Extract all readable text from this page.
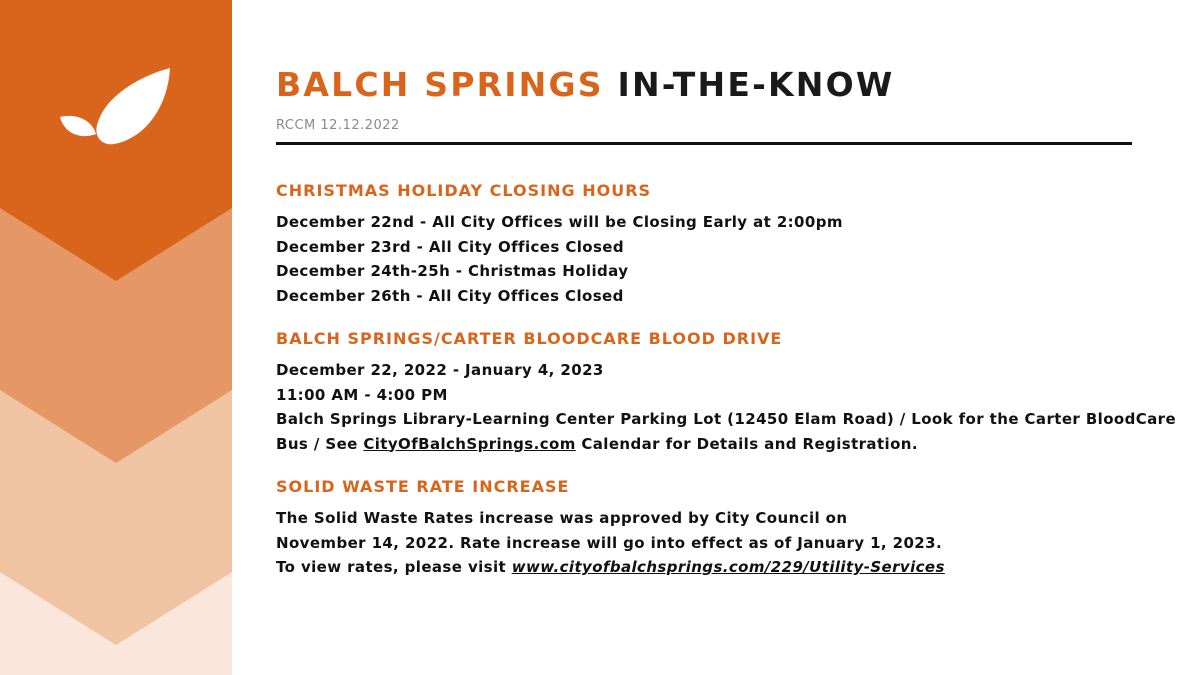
BALCH SPRINGS IN-THE-KNOW
RCCM 12.12.2022
CHRISTMAS HOLIDAY CLOSING HOURS
December 22nd - All City Offices will be Closing Early at 2:00pm
December 23rd - All City Offices Closed
December 24th-25h - Christmas Holiday
December 26th - All City Offices Closed
BALCH SPRINGS/CARTER BLOODCARE BLOOD DRIVE
December 22, 2022 - January 4, 2023
11:00 AM - 4:00 PM
Balch Springs Library-Learning Center Parking Lot (12450 Elam Road) / Look for the Carter BloodCare
Bus / See CityOfBalchSprings.com Calendar for Details and Registration.
SOLID WASTE RATE INCREASE
The Solid Waste Rates increase was approved by City Council on
November 14, 2022. Rate increase will go into effect as of January 1, 2023.
To view rates, please visit www.cityofbalchsprings.com/229/Utility-Services
